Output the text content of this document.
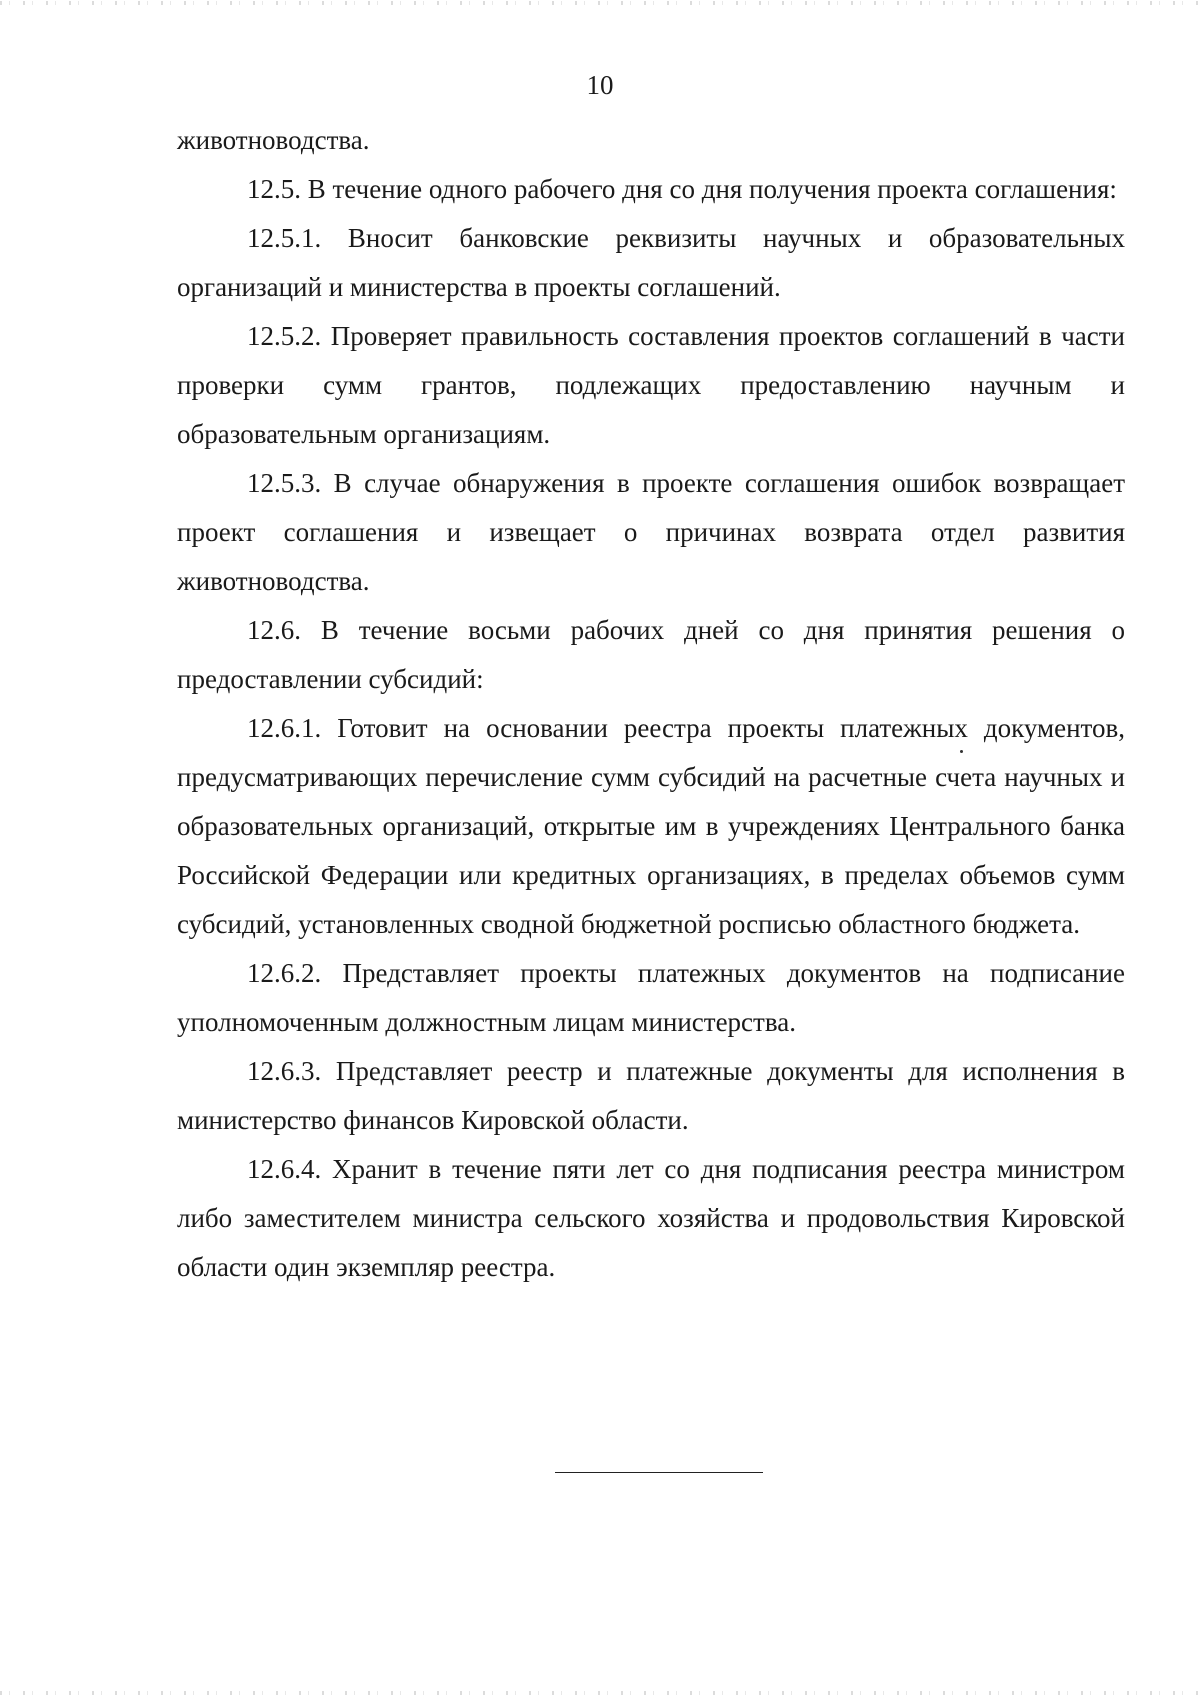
10

животноводства.

12.5. В течение одного рабочего дня со дня получения проекта соглашения:

12.5.1. Вносит банковские реквизиты научных и образовательных организаций и министерства в проекты соглашений.

12.5.2. Проверяет правильность составления проектов соглашений в части проверки сумм грантов, подлежащих предоставлению научным и образовательным организациям.

12.5.3. В случае обнаружения в проекте соглашения ошибок возвращает проект соглашения и извещает о причинах возврата отдел развития животноводства.

12.6. В течение восьми рабочих дней со дня принятия решения о предоставлении субсидий:

12.6.1. Готовит на основании реестра проекты платежных документов, предусматривающих перечисление сумм субсидий на расчетные счета научных и образовательных организаций, открытые им в учреждениях Центрального банка Российской Федерации или кредитных организациях, в пределах объемов сумм субсидий, установленных сводной бюджетной росписью областного бюджета.

12.6.2. Представляет проекты платежных документов на подписание уполномоченным должностным лицам министерства.

12.6.3. Представляет реестр и платежные документы для исполнения в министерство финансов Кировской области.

12.6.4. Хранит в течение пяти лет со дня подписания реестра министром либо заместителем министра сельского хозяйства и продовольствия Кировской области один экземпляр реестра.
